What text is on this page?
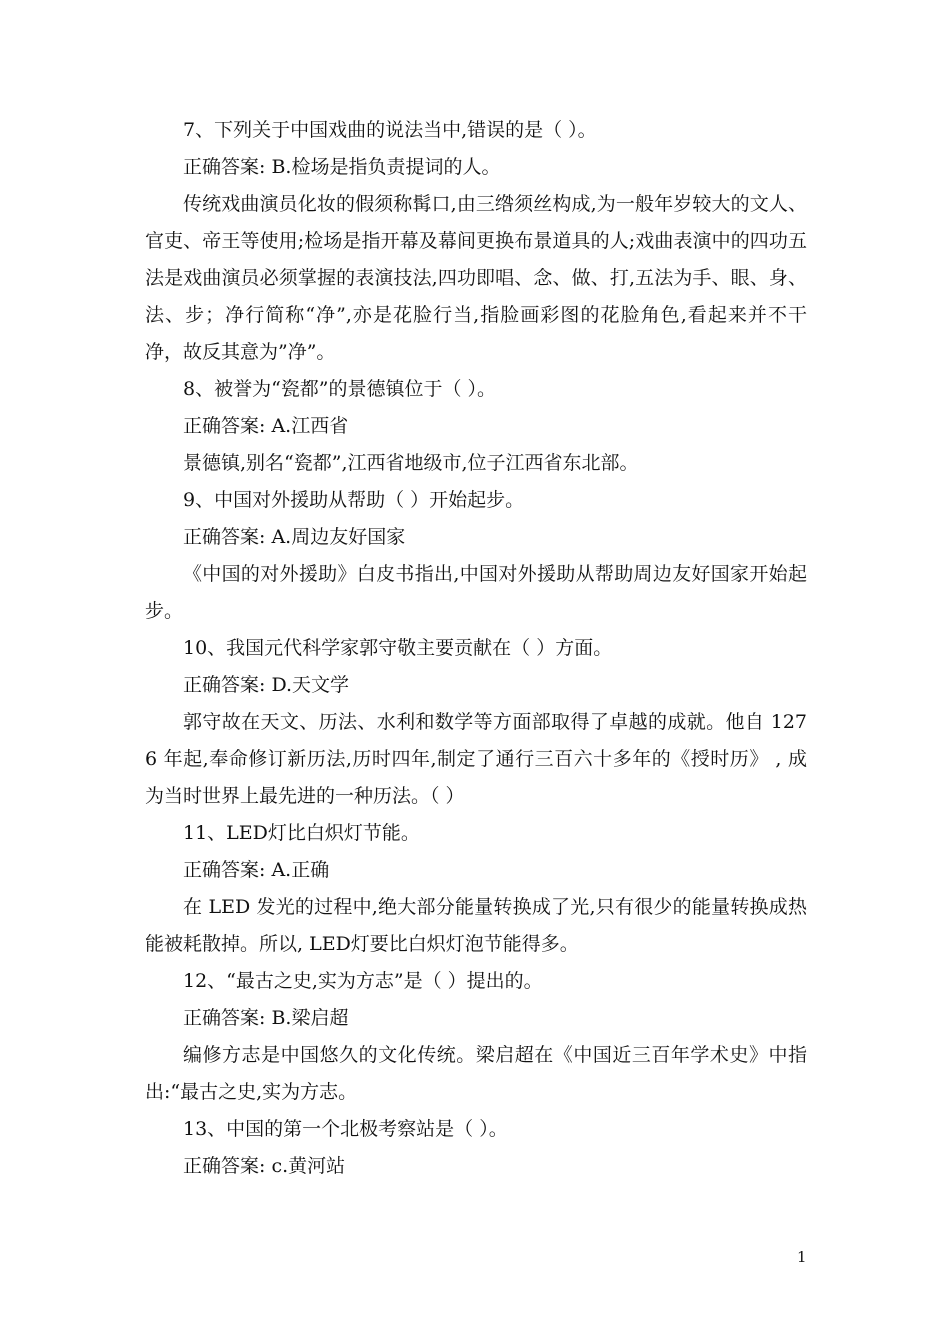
7、下列关于中国戏曲的说法当中,错误的是（ ）。

正确答案: B.检场是指负责提词的人。

传统戏曲演员化妆的假须称髯口,由三绺须丝构成,为一般年岁较大的文人、官吏、帝王等使用;检场是指开幕及幕间更换布景道具的人;戏曲表演中的四功五法是戏曲演员必须掌握的表演技法,四功即唱、念、做、打,五法为手、眼、身、法、步；净行简称“净”,亦是花脸行当,指脸画彩图的花脸角色,看起来并不干净，故反其意为”净”。

8、被誉为“瓷都”的景德镇位于（ ）。

正确答案: A.江西省

景德镇,别名“瓷都”,江西省地级市,位子江西省东北部。

9、中国对外援助从帮助（ ）开始起步。

正确答案: A.周边友好国家

《中国的对外援助》白皮书指出,中国对外援助从帮助周边友好国家开始起步。

10、我国元代科学家郭守敬主要贡献在（ ）方面。

正确答案: D.天文学

郭守故在天文、历法、水利和数学等方面部取得了卓越的成就。他自 1276 年起,奉命修订新历法,历时四年,制定了通行三百六十多年的《授时历》 , 成为当时世界上最先进的一种历法。（ ）

11、LED灯比白炽灯节能。

正确答案: A.正确

在 LED 发光的过程中,绝大部分能量转换成了光,只有很少的能量转换成热能被耗散掉。所以, LED灯要比白炽灯泡节能得多。

12、“最古之史,实为方志”是（ ）提出的。

正确答案: B.梁启超

编修方志是中国悠久的文化传统。梁启超在《中国近三百年学术史》中指出:“最古之史,实为方志。

13、中国的第一个北极考察站是（ ）。

正确答案: c.黄河站

1
